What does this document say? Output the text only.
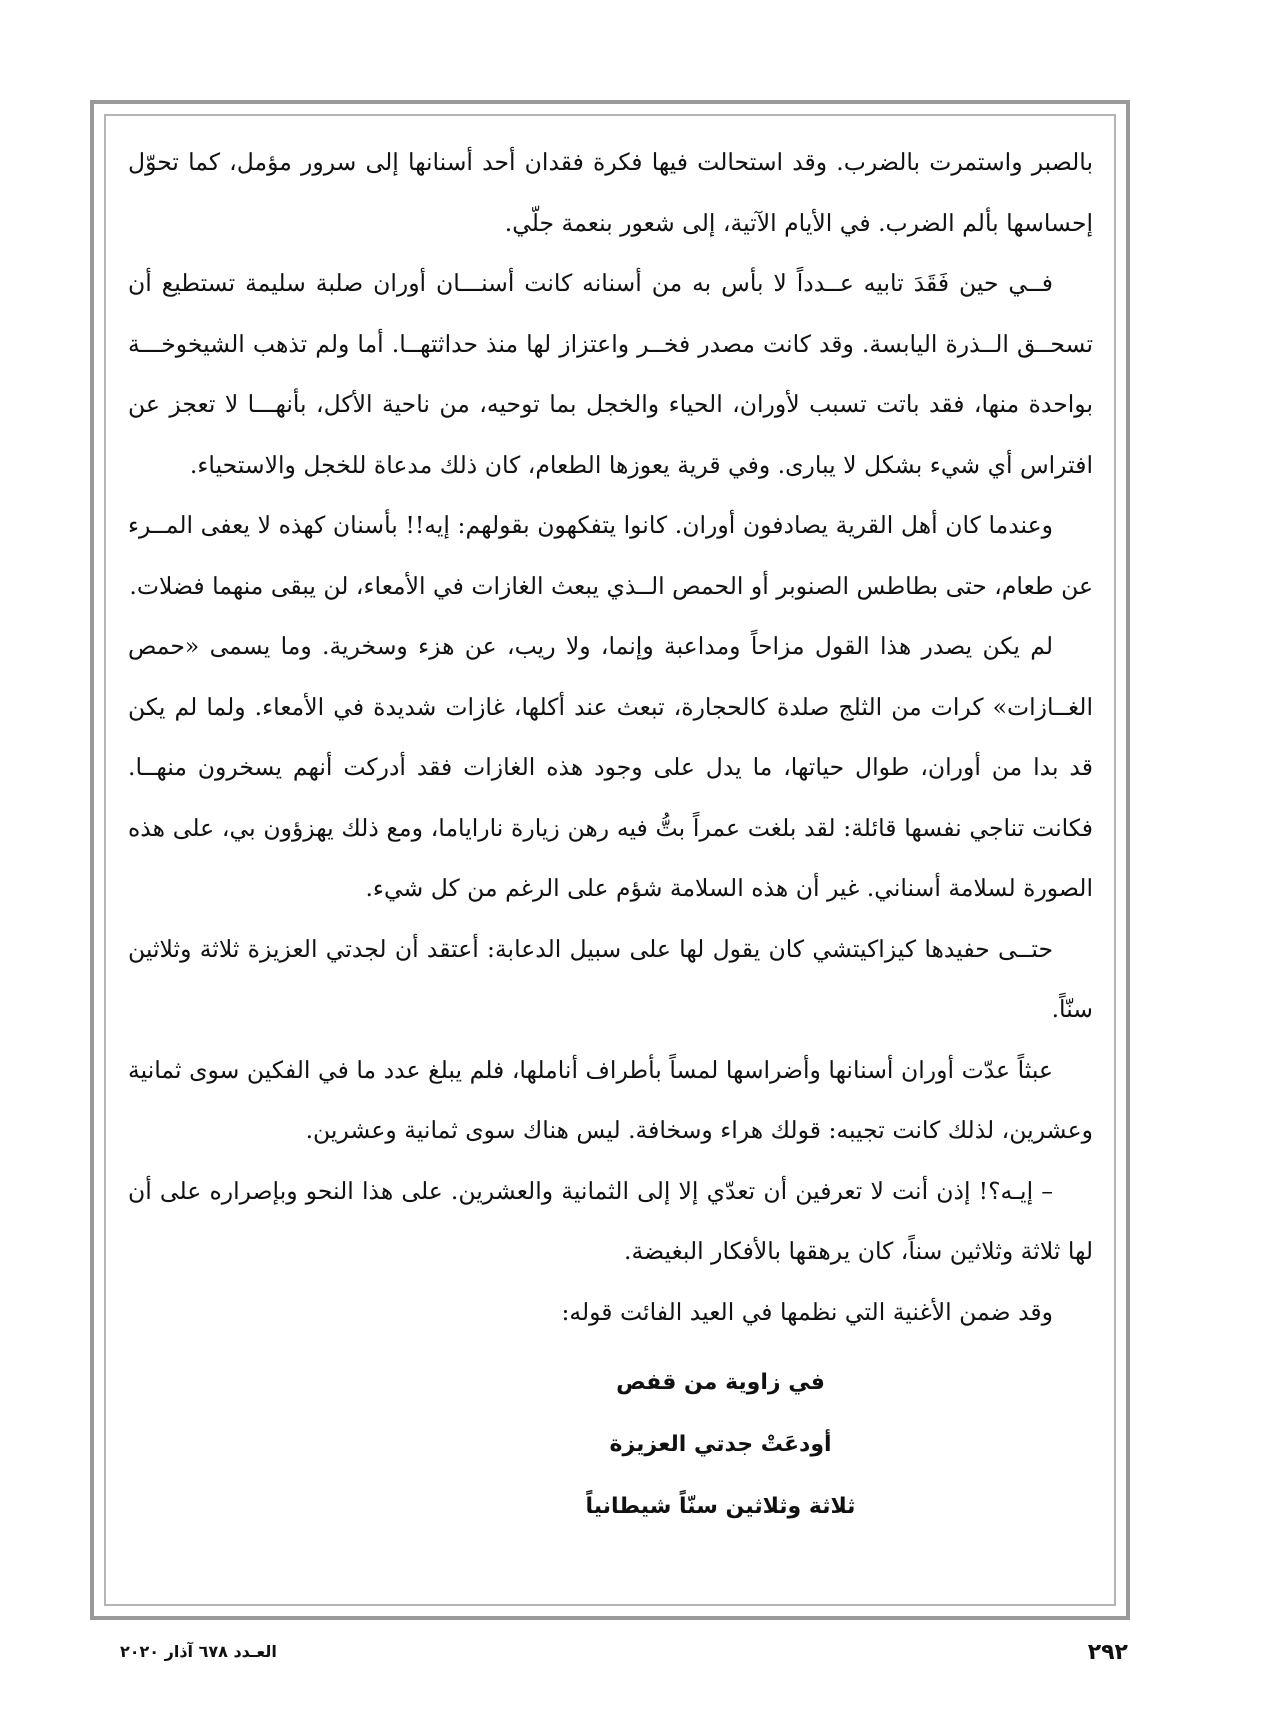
بالصبر واستمرت بالضرب. وقد استحالت فيها فكرة فقدان أحد أسنانها إلى سرور مؤمل، كما تحوّل إحساسها بألم الضرب. في الأيام الآتية، إلى شعور بنعمة جلّي.

فــي حين فَقَدَ تابيه عــدداً لا بأس به من أسنانه كانت أسنـــان أوران صلبة سليمة تستطيع أن تسحــق الــذرة اليابسة. وقد كانت مصدر فخــر واعتزاز لها منذ حداثتهــا. أما ولم تذهب الشيخوخـــة بواحدة منها، فقد باتت تسبب لأوران، الحياء والخجل بما توحيه، من ناحية الأكل، بأنهـــا لا تعجز عن افتراس أي شيء بشكل لا يبارى. وفي قرية يعوزها الطعام، كان ذلك مدعاة للخجل والاستحياء.

وعندما كان أهل القرية يصادفون أوران. كانوا يتفكهون بقولهم: إيه!! بأسنان كهذه لا يعفى المــرء عن طعام، حتى بطاطس الصنوبر أو الحمص الــذي يبعث الغازات في الأمعاء، لن يبقى منهما فضلات.

لم يكن يصدر هذا القول مزاحاً ومداعبة وإنما، ولا ريب، عن هزء وسخرية. وما يسمى «حمص الغــازات» كرات من الثلج صلدة كالحجارة، تبعث عند أكلها، غازات شديدة في الأمعاء. ولما لم يكن قد بدا من أوران، طوال حياتها، ما يدل على وجود هذه الغازات فقد أدركت أنهم يسخرون منهــا. فكانت تناجي نفسها قائلة: لقد بلغت عمراً بتُّ فيه رهن زيارة نارایاما، ومع ذلك يهزؤون بي، على هذه الصورة لسلامة أسناني. غير أن هذه السلامة شؤم على الرغم من كل شيء.

حتــى حفيدها كيزاكيتشي كان يقول لها على سبيل الدعابة: أعتقد أن لجدتي العزيزة ثلاثة وثلاثين سنّاً.

عبثاً عدّت أوران أسنانها وأضراسها لمساً بأطراف أناملها، فلم يبلغ عدد ما في الفكين سوى ثمانية وعشرين، لذلك كانت تجيبه: قولك هراء وسخافة. ليس هناك سوى ثمانية وعشرين.

– إيـه؟! إذن أنت لا تعرفين أن تعدّي إلا إلى الثمانية والعشرين. على هذا النحو وبإصراره على أن لها ثلاثة وثلاثين سناً، كان يرهقها بالأفكار البغيضة.

وقد ضمن الأغنية التي نظمها في العيد الفائت قوله:

في زاوية من قفص
أودعَتْ جدتي العزيزة
ثلاثة وثلاثين سنّاً شيطانياً
٢٩٢
العـدد ٦٧٨ آذار ٢٠٢٠
